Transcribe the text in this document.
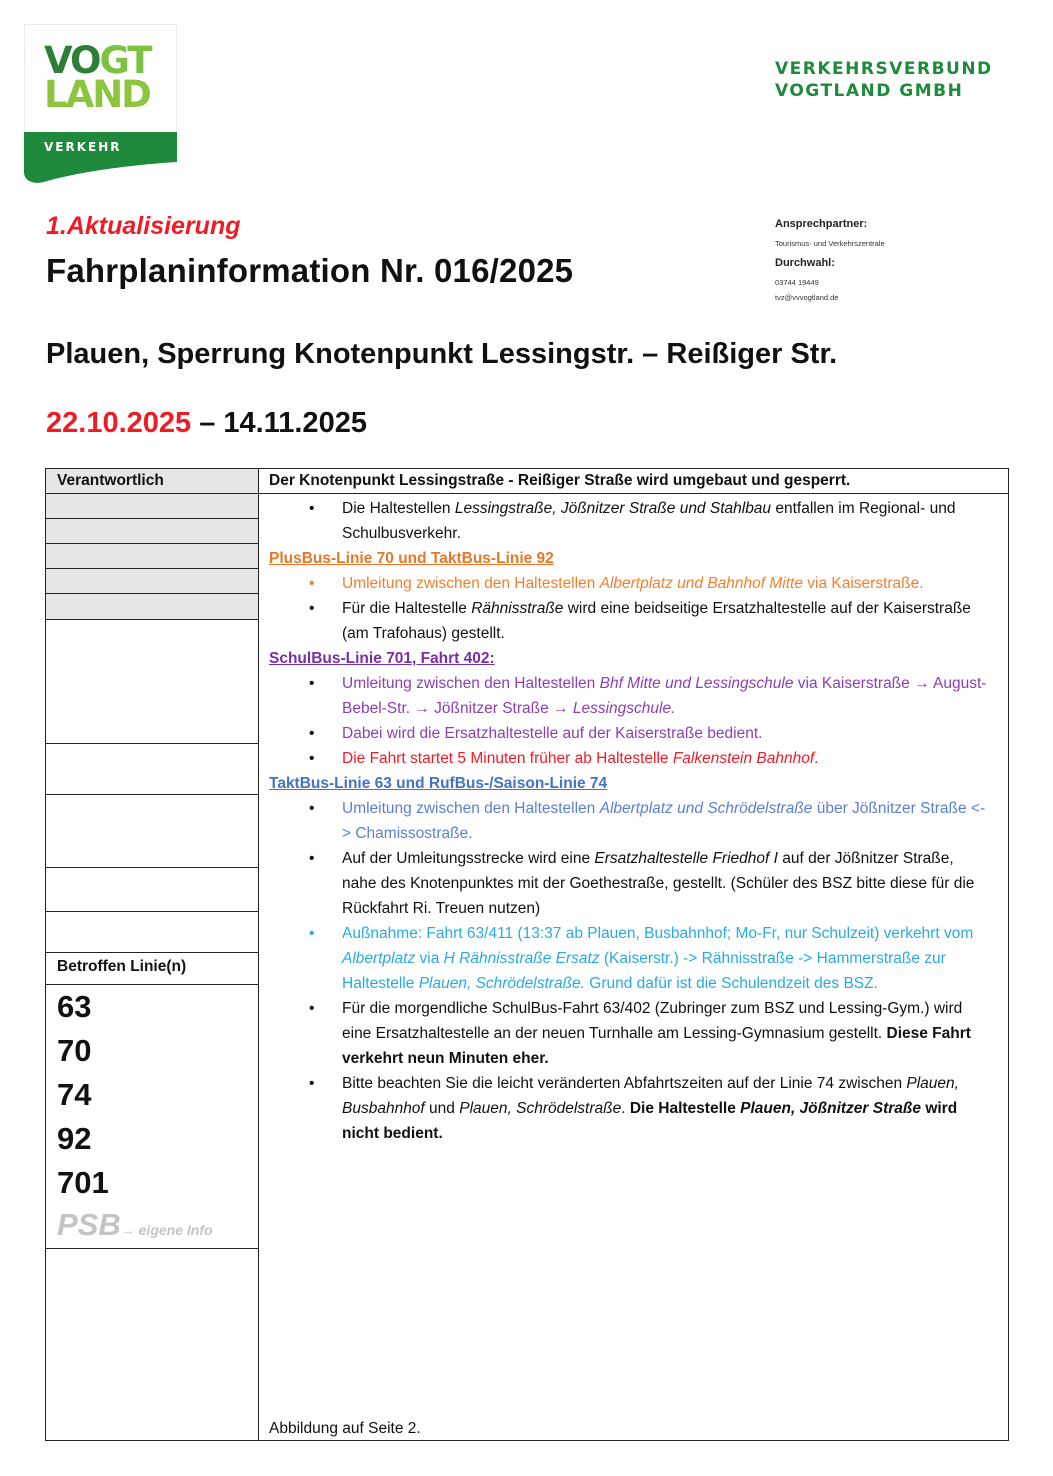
VOGT
LAND
VERKEHR
VERKEHRSVERBUND
VOGTLAND GMBH
Ansprechpartner:
Tourismus- und Verkehrszentrale
Durchwahl:
03744 19449
tvz@vvvogtland.de
1.Aktualisierung
Fahrplaninformation Nr. 016/2025
Plauen, Sperrung Knotenpunkt Lessingstr. – Reißiger Str.
22.10.2025 – 14.11.2025
Verantwortlich
Betroffen Linie(n)
63
70
74
92
701
PSB→ eigene Info
Der Knotenpunkt Lessingstraße - Reißiger Straße wird umgebaut und gesperrt.
• Die Haltestellen Lessingstraße, Jößnitzer Straße und Stahlbau entfallen im Regional- und Schulbusverkehr.
PlusBus-Linie 70 und TaktBus-Linie 92
• Umleitung zwischen den Haltestellen Albertplatz und Bahnhof Mitte via Kaiserstraße.
• Für die Haltestelle Rähnisstraße wird eine beidseitige Ersatzhaltestelle auf der Kaiserstraße (am Trafohaus) gestellt.
SchulBus-Linie 701, Fahrt 402:
• Umleitung zwischen den Haltestellen Bhf Mitte und Lessingschule via Kaiserstraße → August-Bebel-Str. → Jößnitzer Straße → Lessingschule.
• Dabei wird die Ersatzhaltestelle auf der Kaiserstraße bedient.
• Die Fahrt startet 5 Minuten früher ab Haltestelle Falkenstein Bahnhof.
TaktBus-Linie 63 und RufBus-/Saison-Linie 74
• Umleitung zwischen den Haltestellen Albertplatz und Schrödelstraße über Jößnitzer Straße <-> Chamissostraße.
• Auf der Umleitungsstrecke wird eine Ersatzhaltestelle Friedhof I auf der Jößnitzer Straße, nahe des Knotenpunktes mit der Goethestraße, gestellt. (Schüler des BSZ bitte diese für die Rückfahrt Ri. Treuen nutzen)
• Außnahme: Fahrt 63/411 (13:37 ab Plauen, Busbahnhof; Mo-Fr, nur Schulzeit) verkehrt vom Albertplatz via H Rähnisstraße Ersatz (Kaiserstr.) -> Rähnisstraße -> Hammerstraße zur Haltestelle Plauen, Schrödelstraße. Grund dafür ist die Schulendzeit des BSZ.
• Für die morgendliche SchulBus-Fahrt 63/402 (Zubringer zum BSZ und Lessing-Gym.) wird eine Ersatzhaltestelle an der neuen Turnhalle am Lessing-Gymnasium gestellt. Diese Fahrt verkehrt neun Minuten eher.
• Bitte beachten Sie die leicht veränderten Abfahrtszeiten auf der Linie 74 zwischen Plauen, Busbahnhof und Plauen, Schrödelstraße. Die Haltestelle Plauen, Jößnitzer Straße wird nicht bedient.
Abbildung auf Seite 2.
